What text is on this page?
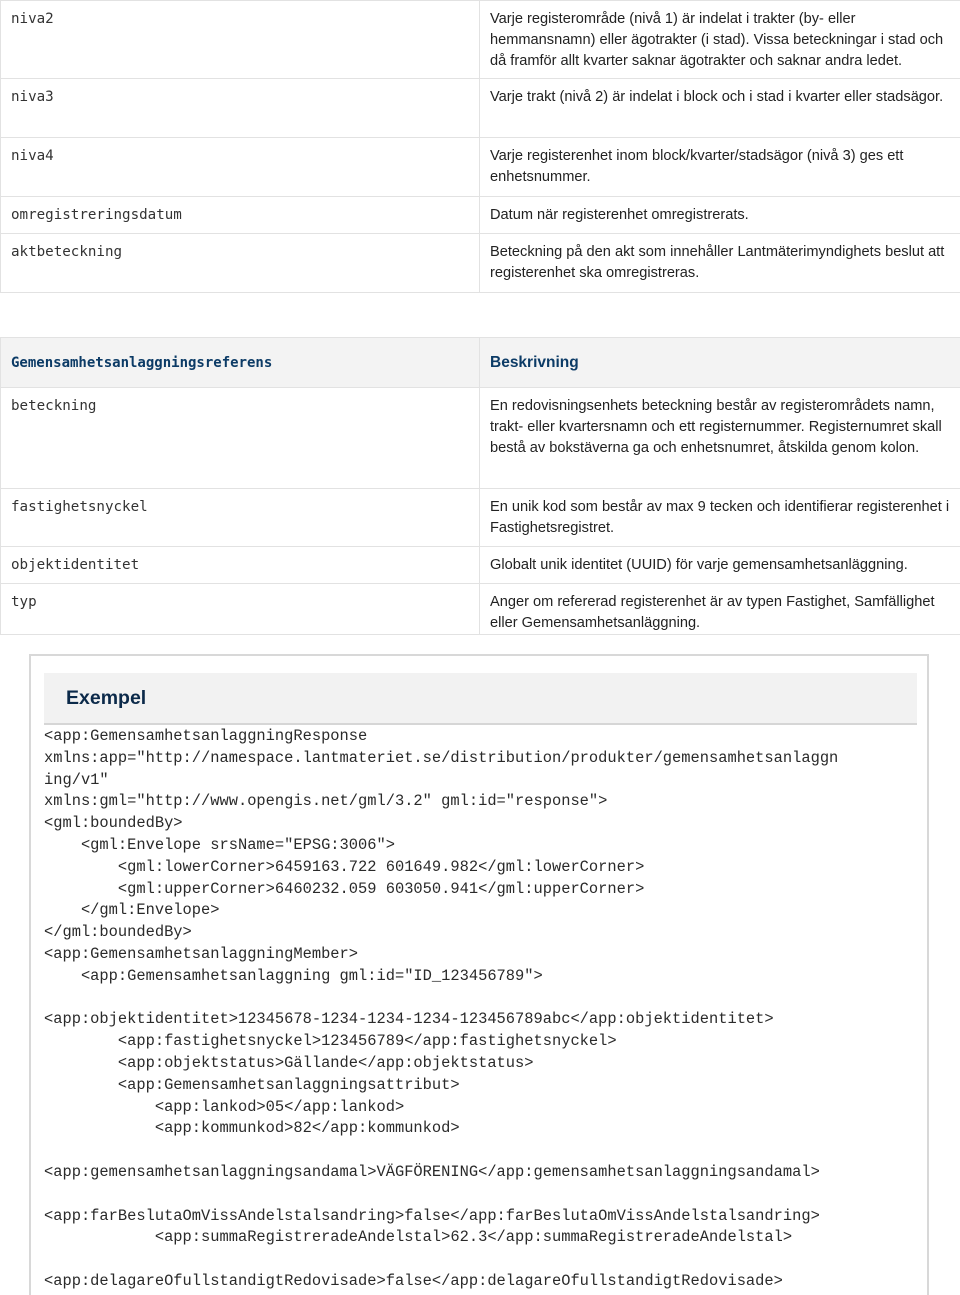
niva2	Varje registerområde (nivå 1) är indelat i trakter (by- eller hemmansnamn) eller ägotrakter (i stad). Vissa beteckningar i stad och då framför allt kvarter saknar ägotrakter och saknar andra ledet.
niva3	Varje trakt (nivå 2) är indelat i block och i stad i kvarter eller stadsägor.
niva4	Varje registerenhet inom block/kvarter/stadsägor (nivå 3) ges ett enhetsnummer.
omregistreringsdatum	Datum när registerenhet omregistrerats.
aktbeteckning	Beteckning på den akt som innehåller Lantmäterimyndighets beslut att registerenhet ska omregistreras.
Gemensamhetsanlaggningsreferens	Beskrivning
beteckning	En redovisningsenhets beteckning består av registerområdets namn, trakt- eller kvartersnamn och ett registernummer. Registernumret skall bestå av bokstäverna ga och enhetsnumret, åtskilda genom kolon.
fastighetsnyckel	En unik kod som består av max 9 tecken och identifierar registerenhet i Fastighetsregistret.
objektidentitet	Globalt unik identitet (UUID) för varje gemensamhetsanläggning.
typ	Anger om refererad registerenhet är av typen Fastighet, Samfällighet eller Gemensamhetsanläggning.
Exempel
<app:GemensamhetsanlaggningResponse
xmlns:app="http://namespace.lantmateriet.se/distribution/produkter/gemensamhetsanlaggn
ing/v1"
xmlns:gml="http://www.opengis.net/gml/3.2" gml:id="response">
<gml:boundedBy>
<gml:Envelope srsName="EPSG:3006">
<gml:lowerCorner>6459163.722 601649.982</gml:lowerCorner>
<gml:upperCorner>6460232.059 603050.941</gml:upperCorner>
</gml:Envelope>
</gml:boundedBy>
<app:GemensamhetsanlaggningMember>
<app:Gemensamhetsanlaggning gml:id="ID_123456789">

<app:objektidentitet>12345678-1234-1234-1234-123456789abc</app:objektidentitet>
<app:fastighetsnyckel>123456789</app:fastighetsnyckel>
<app:objektstatus>Gällande</app:objektstatus>
<app:Gemensamhetsanlaggningsattribut>
<app:lankod>05</app:lankod>
<app:kommunkod>82</app:kommunkod>

<app:gemensamhetsanlaggningsandamal>VÄGFÖRENING</app:gemensamhetsanlaggningsandamal>

<app:farBeslutaOmVissAndelstalsandring>false</app:farBeslutaOmVissAndelstalsandring>
<app:summaRegistreradeAndelstal>62.3</app:summaRegistreradeAndelstal>

<app:delagareOfullstandigtRedovisade>false</app:delagareOfullstandigtRedovisade>
